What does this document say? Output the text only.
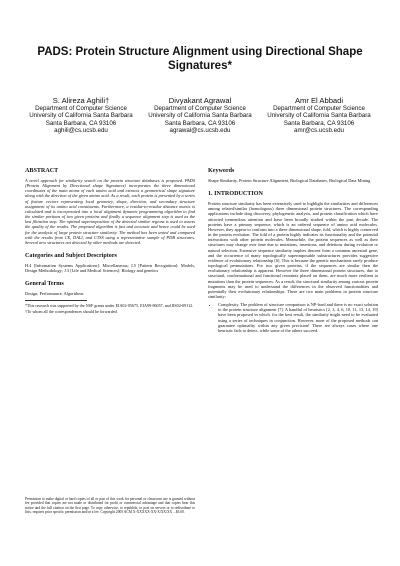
PADS: Protein Structure Alignment using Directional Shape Signatures*
S. Alireza Aghili†
Department of Computer Science
University of California Santa Barbara
Santa Barbara, CA 93106
aghili@cs.ucsb.edu
Divyakant Agrawal
Department of Computer Science
University of California Santa Barbara
Santa Barbara, CA 93106
agrawal@cs.ucsb.edu
Amr El Abbadi
Department of Computer Science
University of California Santa Barbara
Santa Barbara, CA 93106
amr@cs.ucsb.edu
ABSTRACT

A novel approach for similarity search on the protein structure databases is proposed. PADS (Protein Alignment by Directional shape Signatures) incorporates the three dimensional coordinates of the main atoms of each amino acid and extracts a geometrical shape signature along with the direction of the given amino acid. As a result, each protein is presented by a series of feature vectors representing local geometry, shape, direction, and secondary structure assignment of its amino acid constituents. Furthermore, a residue-to-residue distance matrix is calculated and is incorporated into a local alignment dynamic programming algorithm to find the similar portions of two given proteins and finally a sequence alignment step is used as the last filtration step. The optimal superimposition of the detected similar regions is used to assess the quality of the results. The proposed algorithm is fast and accurate and hence could be used for the analysis of large protein structure similarity. The method has been tested and compared with the results from CE, DALI, and CTSS using a representative sample of PDB structures. Several new structures not detected by other methods are detected.

Categories and Subject Descriptors

H.4 [Information Systems Applications]: Miscellaneous; I.5 [Pattern Recognition]: Models, Design Methodology; J.3 [Life and Medical Sciences]: Biology and genetics

General Terms

Design, Performance, Algorithms

*This research was supported by the NSF grants under EIA02-05675, EIA99-86057, and IIS02-09112.
†To whom all the correspondences should be forwarded.
Permission to make digital or hard copies of all or part of this work for personal or classroom use is granted without fee provided that copies are not made or distributed for profit or commercial advantage and that copies bear this notice and the full citation on the first page. To copy otherwise, to republish, to post on servers or to redistribute to lists, requires prior specific permission and/or a fee. Copyright 2005 ACM X-XXXXX-XX-X/XX/XX ...$5.00.
Keywords

Shape Similarity, Protein Structure Alignment, Biological Databases, Biological Data Mining

1. INTRODUCTION

Protein structure similarity has been extensively used to highlight the similarities and differences among related/similar (homologous) three dimensional protein structures. The corresponding applications include drug discovery, phylogenetic analysis, and protein classification which have attracted tremendous attention and have been broadly studied within the past decade. The proteins have a primary sequence, which is an ordered sequence of amino acid molecules. However, they appear to conform into a three dimensional shape, fold, which is highly conserved in the protein evolution. The fold of a protein highly indicates its functionality and the potential interactions with other protein molecules. Meanwhile, the protein sequences as well as their structures may change over time due to mutations, insertions, and deletions during evolution or natural selection. Extensive sequence similarity implies descent from a common ancestral gene, and the occurrence of many topologically superimposable substructures provides suggestive evidence of evolutionary relationship [6]. This is because the genetic mechanisms rarely produce topological permutations. For two given proteins, if the sequences are similar then the evolutionary relationship is apparent. However the three dimensional protein structures, due to structural, conformational and functional restraints placed on them, are much more resilient to mutations than the protein sequences. As a result, the structural similarity among various protein fragments may be used to understand the differences in the observed functionalities and potentially their evolutionary relationships. There are two main problems in protein structure similarity:

• Complexity. The problem of structure comparison is NP-hard and there is no exact solution to the protein structure alignment [7]. A handful of heuristics [2, 3, 4, 6, 10, 11, 13, 14, 19] have been proposed in which, for the best result, the similarity might need to be evaluated using a series of techniques in conjunction. However, none of the proposed methods can guarantee optimality within any given precision! There are always cases where one heuristic fails to detect, while some of the others succeed.
